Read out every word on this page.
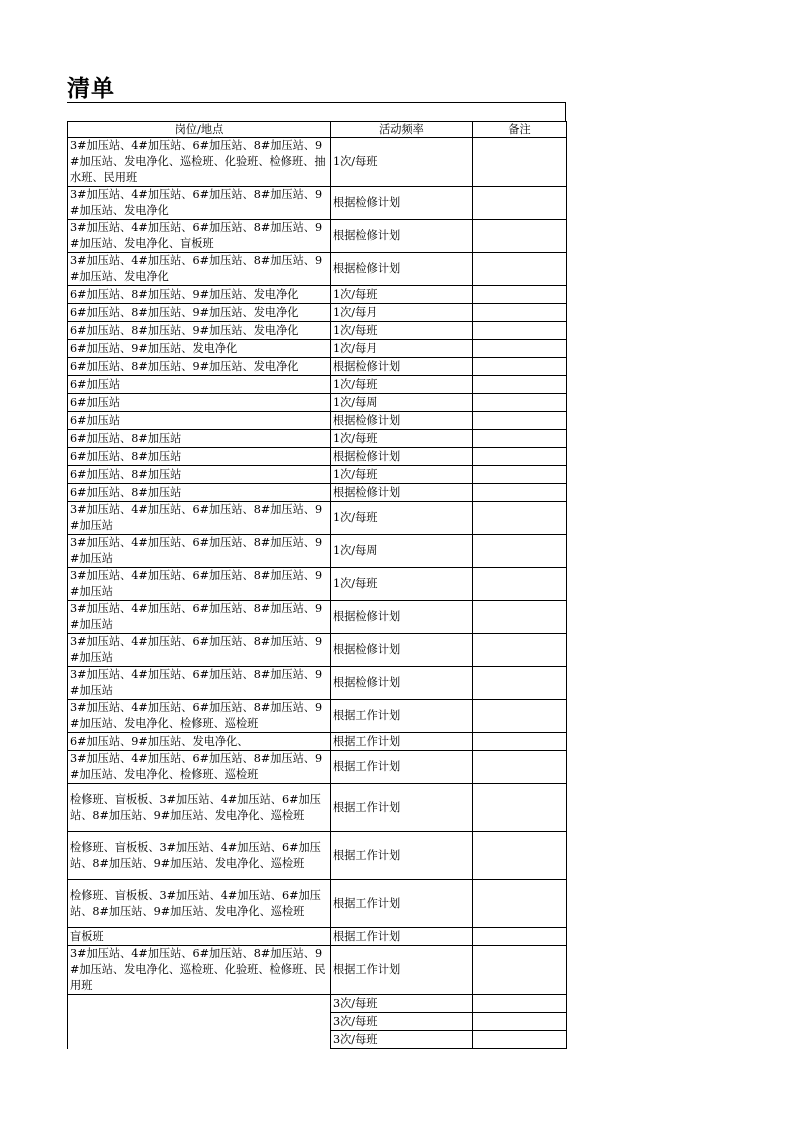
清单
岗位/地点	活动频率	备注
3#加压站、4#加压站、6#加压站、8#加压站、9#加压站、发电净化、巡检班、化验班、检修班、抽水班、民用班	1次/每班	
3#加压站、4#加压站、6#加压站、8#加压站、9#加压站、发电净化	根据检修计划	
3#加压站、4#加压站、6#加压站、8#加压站、9#加压站、发电净化、盲板班	根据检修计划	
3#加压站、4#加压站、6#加压站、8#加压站、9#加压站、发电净化	根据检修计划	
6#加压站、8#加压站、9#加压站、发电净化	1次/每班	
6#加压站、8#加压站、9#加压站、发电净化	1次/每月	
6#加压站、8#加压站、9#加压站、发电净化	1次/每班	
6#加压站、9#加压站、发电净化	1次/每月	
6#加压站、8#加压站、9#加压站、发电净化	根据检修计划	
6#加压站	1次/每班	
6#加压站	1次/每周	
6#加压站	根据检修计划	
6#加压站、8#加压站	1次/每班	
6#加压站、8#加压站	根据检修计划	
6#加压站、8#加压站	1次/每班	
6#加压站、8#加压站	根据检修计划	
3#加压站、4#加压站、6#加压站、8#加压站、9#加压站	1次/每班	
3#加压站、4#加压站、6#加压站、8#加压站、9#加压站	1次/每周	
3#加压站、4#加压站、6#加压站、8#加压站、9#加压站	1次/每班	
3#加压站、4#加压站、6#加压站、8#加压站、9#加压站	根据检修计划	
3#加压站、4#加压站、6#加压站、8#加压站、9#加压站	根据检修计划	
3#加压站、4#加压站、6#加压站、8#加压站、9#加压站	根据检修计划	
3#加压站、4#加压站、6#加压站、8#加压站、9#加压站、发电净化、检修班、巡检班	根据工作计划	
6#加压站、9#加压站、发电净化、	根据工作计划	
3#加压站、4#加压站、6#加压站、8#加压站、9#加压站、发电净化、检修班、巡检班	根据工作计划	
检修班、盲板板、3#加压站、4#加压站、6#加压站、8#加压站、9#加压站、发电净化、巡检班	根据工作计划	
检修班、盲板板、3#加压站、4#加压站、6#加压站、8#加压站、9#加压站、发电净化、巡检班	根据工作计划	
检修班、盲板板、3#加压站、4#加压站、6#加压站、8#加压站、9#加压站、发电净化、巡检班	根据工作计划	
盲板班	根据工作计划	
3#加压站、4#加压站、6#加压站、8#加压站、9#加压站、发电净化、巡检班、化验班、检修班、民用班	根据工作计划	
	3次/每班	
	3次/每班	
	3次/每班	
